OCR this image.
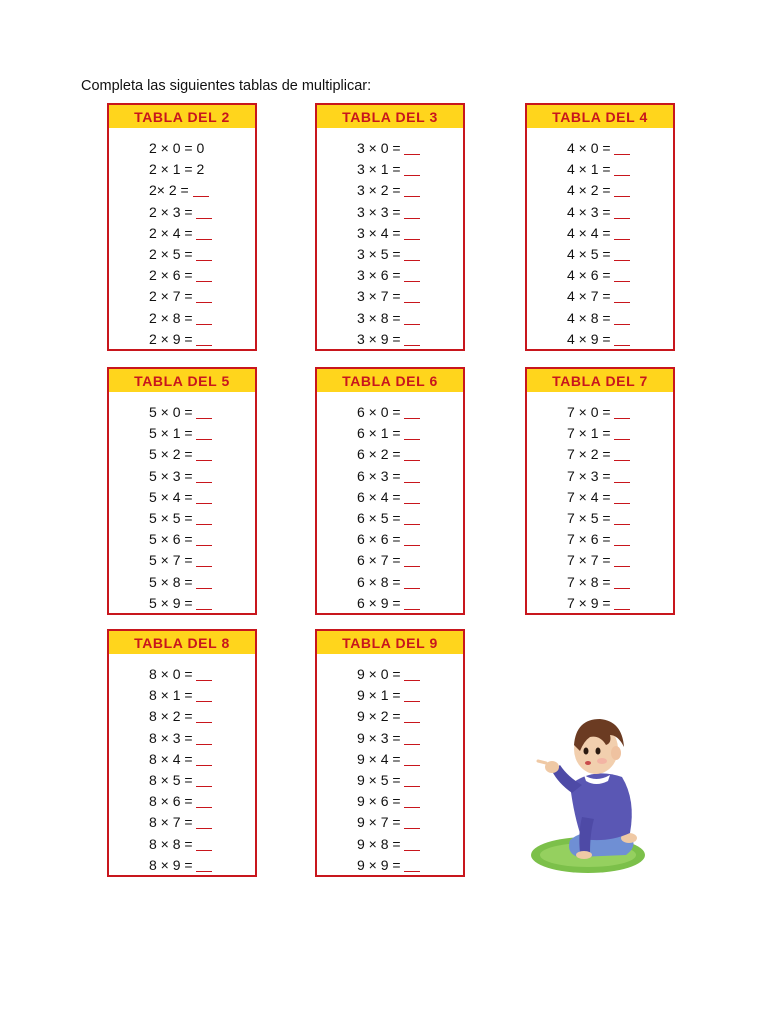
Completa las siguientes tablas de multiplicar:
TABLA DEL 2
2 × 0 = 0
2 × 1 = 2
2× 2 =
2 × 3 =
2 × 4 =
2 × 5 =
2 × 6 =
2 × 7 =
2 × 8 =
2 × 9 =
TABLA DEL 3
3 × 0 =
3 × 1 =
3 × 2 =
3 × 3 =
3 × 4 =
3 × 5 =
3 × 6 =
3 × 7 =
3 × 8 =
3 × 9 =
TABLA DEL 4
4 × 0 =
4 × 1 =
4 × 2 =
4 × 3 =
4 × 4 =
4 × 5 =
4 × 6 =
4 × 7 =
4 × 8 =
4 × 9 =
TABLA DEL 5
5 × 0 =
5 × 1 =
5 × 2 =
5 × 3 =
5 × 4 =
5 × 5 =
5 × 6 =
5 × 7 =
5 × 8 =
5 × 9 =
TABLA DEL 6
6 × 0 =
6 × 1 =
6 × 2 =
6 × 3 =
6 × 4 =
6 × 5 =
6 × 6 =
6 × 7 =
6 × 8 =
6 × 9 =
TABLA DEL 7
7 × 0 =
7 × 1 =
7 × 2 =
7 × 3 =
7 × 4 =
7 × 5 =
7 × 6 =
7 × 7 =
7 × 8 =
7 × 9 =
TABLA DEL 8
8 × 0 =
8 × 1 =
8 × 2 =
8 × 3 =
8 × 4 =
8 × 5 =
8 × 6 =
8 × 7 =
8 × 8 =
8 × 9 =
TABLA DEL 9
9 × 0 =
9 × 1 =
9 × 2 =
9 × 3 =
9 × 4 =
9 × 5 =
9 × 6 =
9 × 7 =
9 × 8 =
9 × 9 =
